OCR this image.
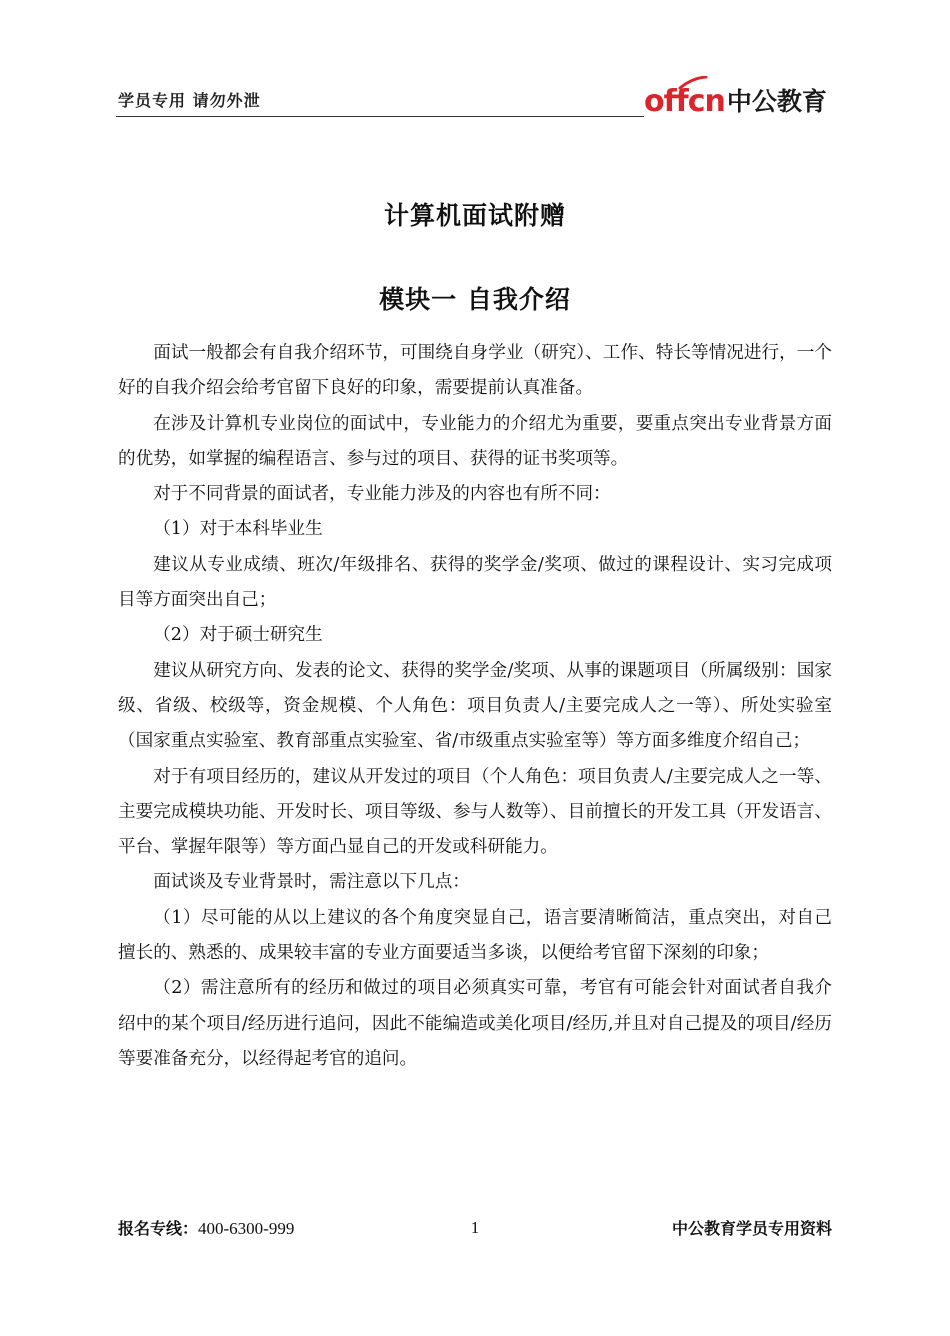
学员专用 请勿外泄	offcn 中公教育
计算机面试附赠
模块一 自我介绍

面试一般都会有自我介绍环节，可围绕自身学业（研究）、工作、特长等情况进行，一个好的自我介绍会给考官留下良好的印象，需要提前认真准备。

在涉及计算机专业岗位的面试中，专业能力的介绍尤为重要，要重点突出专业背景方面的优势，如掌握的编程语言、参与过的项目、获得的证书奖项等。

对于不同背景的面试者，专业能力涉及的内容也有所不同：

（1）对于本科毕业生

建议从专业成绩、班次/年级排名、获得的奖学金/奖项、做过的课程设计、实习完成项目等方面突出自己；

（2）对于硕士研究生

建议从研究方向、发表的论文、获得的奖学金/奖项、从事的课题项目（所属级别：国家级、省级、校级等，资金规模、个人角色：项目负责人/主要完成人之一等）、所处实验室（国家重点实验室、教育部重点实验室、省/市级重点实验室等）等方面多维度介绍自己；

对于有项目经历的，建议从开发过的项目（个人角色：项目负责人/主要完成人之一等、主要完成模块功能、开发时长、项目等级、参与人数等）、目前擅长的开发工具（开发语言、平台、掌握年限等）等方面凸显自己的开发或科研能力。

面试谈及专业背景时，需注意以下几点：

（1）尽可能的从以上建议的各个角度突显自己，语言要清晰简洁，重点突出，对自己擅长的、熟悉的、成果较丰富的专业方面要适当多谈，以便给考官留下深刻的印象；

（2）需注意所有的经历和做过的项目必须真实可靠，考官有可能会针对面试者自我介绍中的某个项目/经历进行追问，因此不能编造或美化项目/经历,并且对自己提及的项目/经历等要准备充分，以经得起考官的追问。

报名专线：400-6300-999	1	中公教育学员专用资料
